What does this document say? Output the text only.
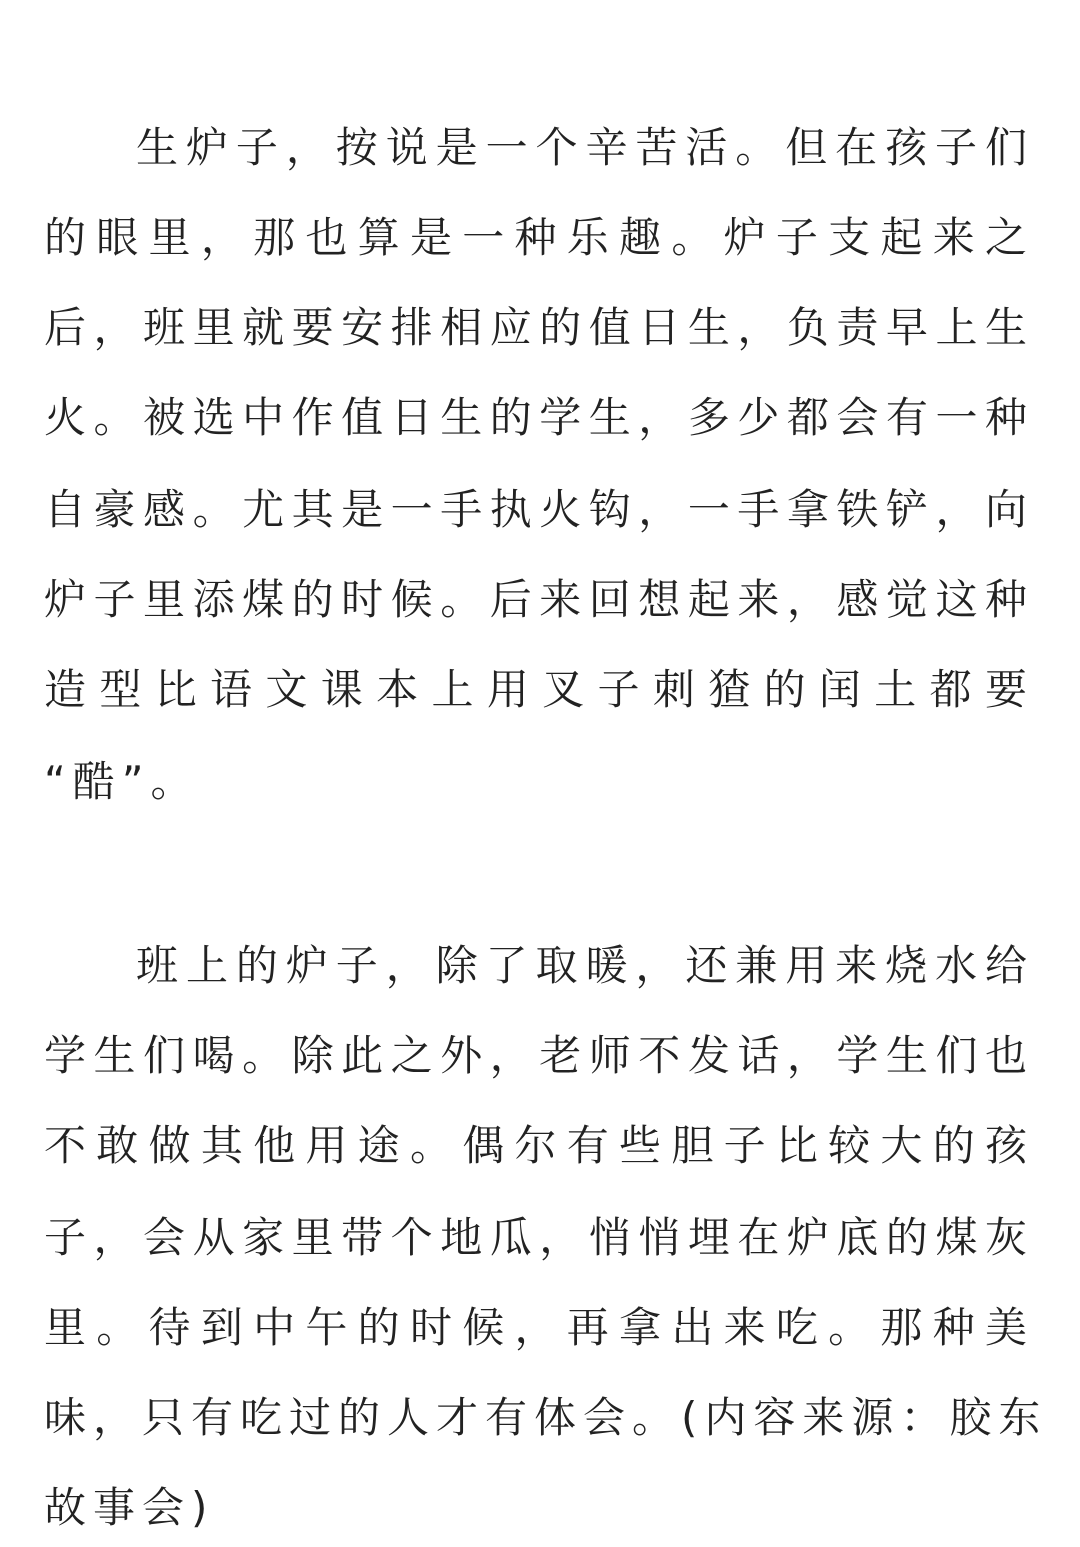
生炉子，按说是一个辛苦活。但在孩子们
的眼里，那也算是一种乐趣。炉子支起来之
后，班里就要安排相应的值日生，负责早上生
火。被选中作值日生的学生，多少都会有一种
自豪感。尤其是一手执火钩，一手拿铁铲，向
炉子里添煤的时候。后来回想起来，感觉这种
造型比语文课本上用叉子刺猹的闰土都要
“酷”。
班上的炉子，除了取暖，还兼用来烧水给
学生们喝。除此之外，老师不发话，学生们也
不敢做其他用途。偶尔有些胆子比较大的孩
子，会从家里带个地瓜，悄悄埋在炉底的煤灰
里。待到中午的时候，再拿出来吃。那种美
味，只有吃过的人才有体会。(内容来源：胶东
故事会)
